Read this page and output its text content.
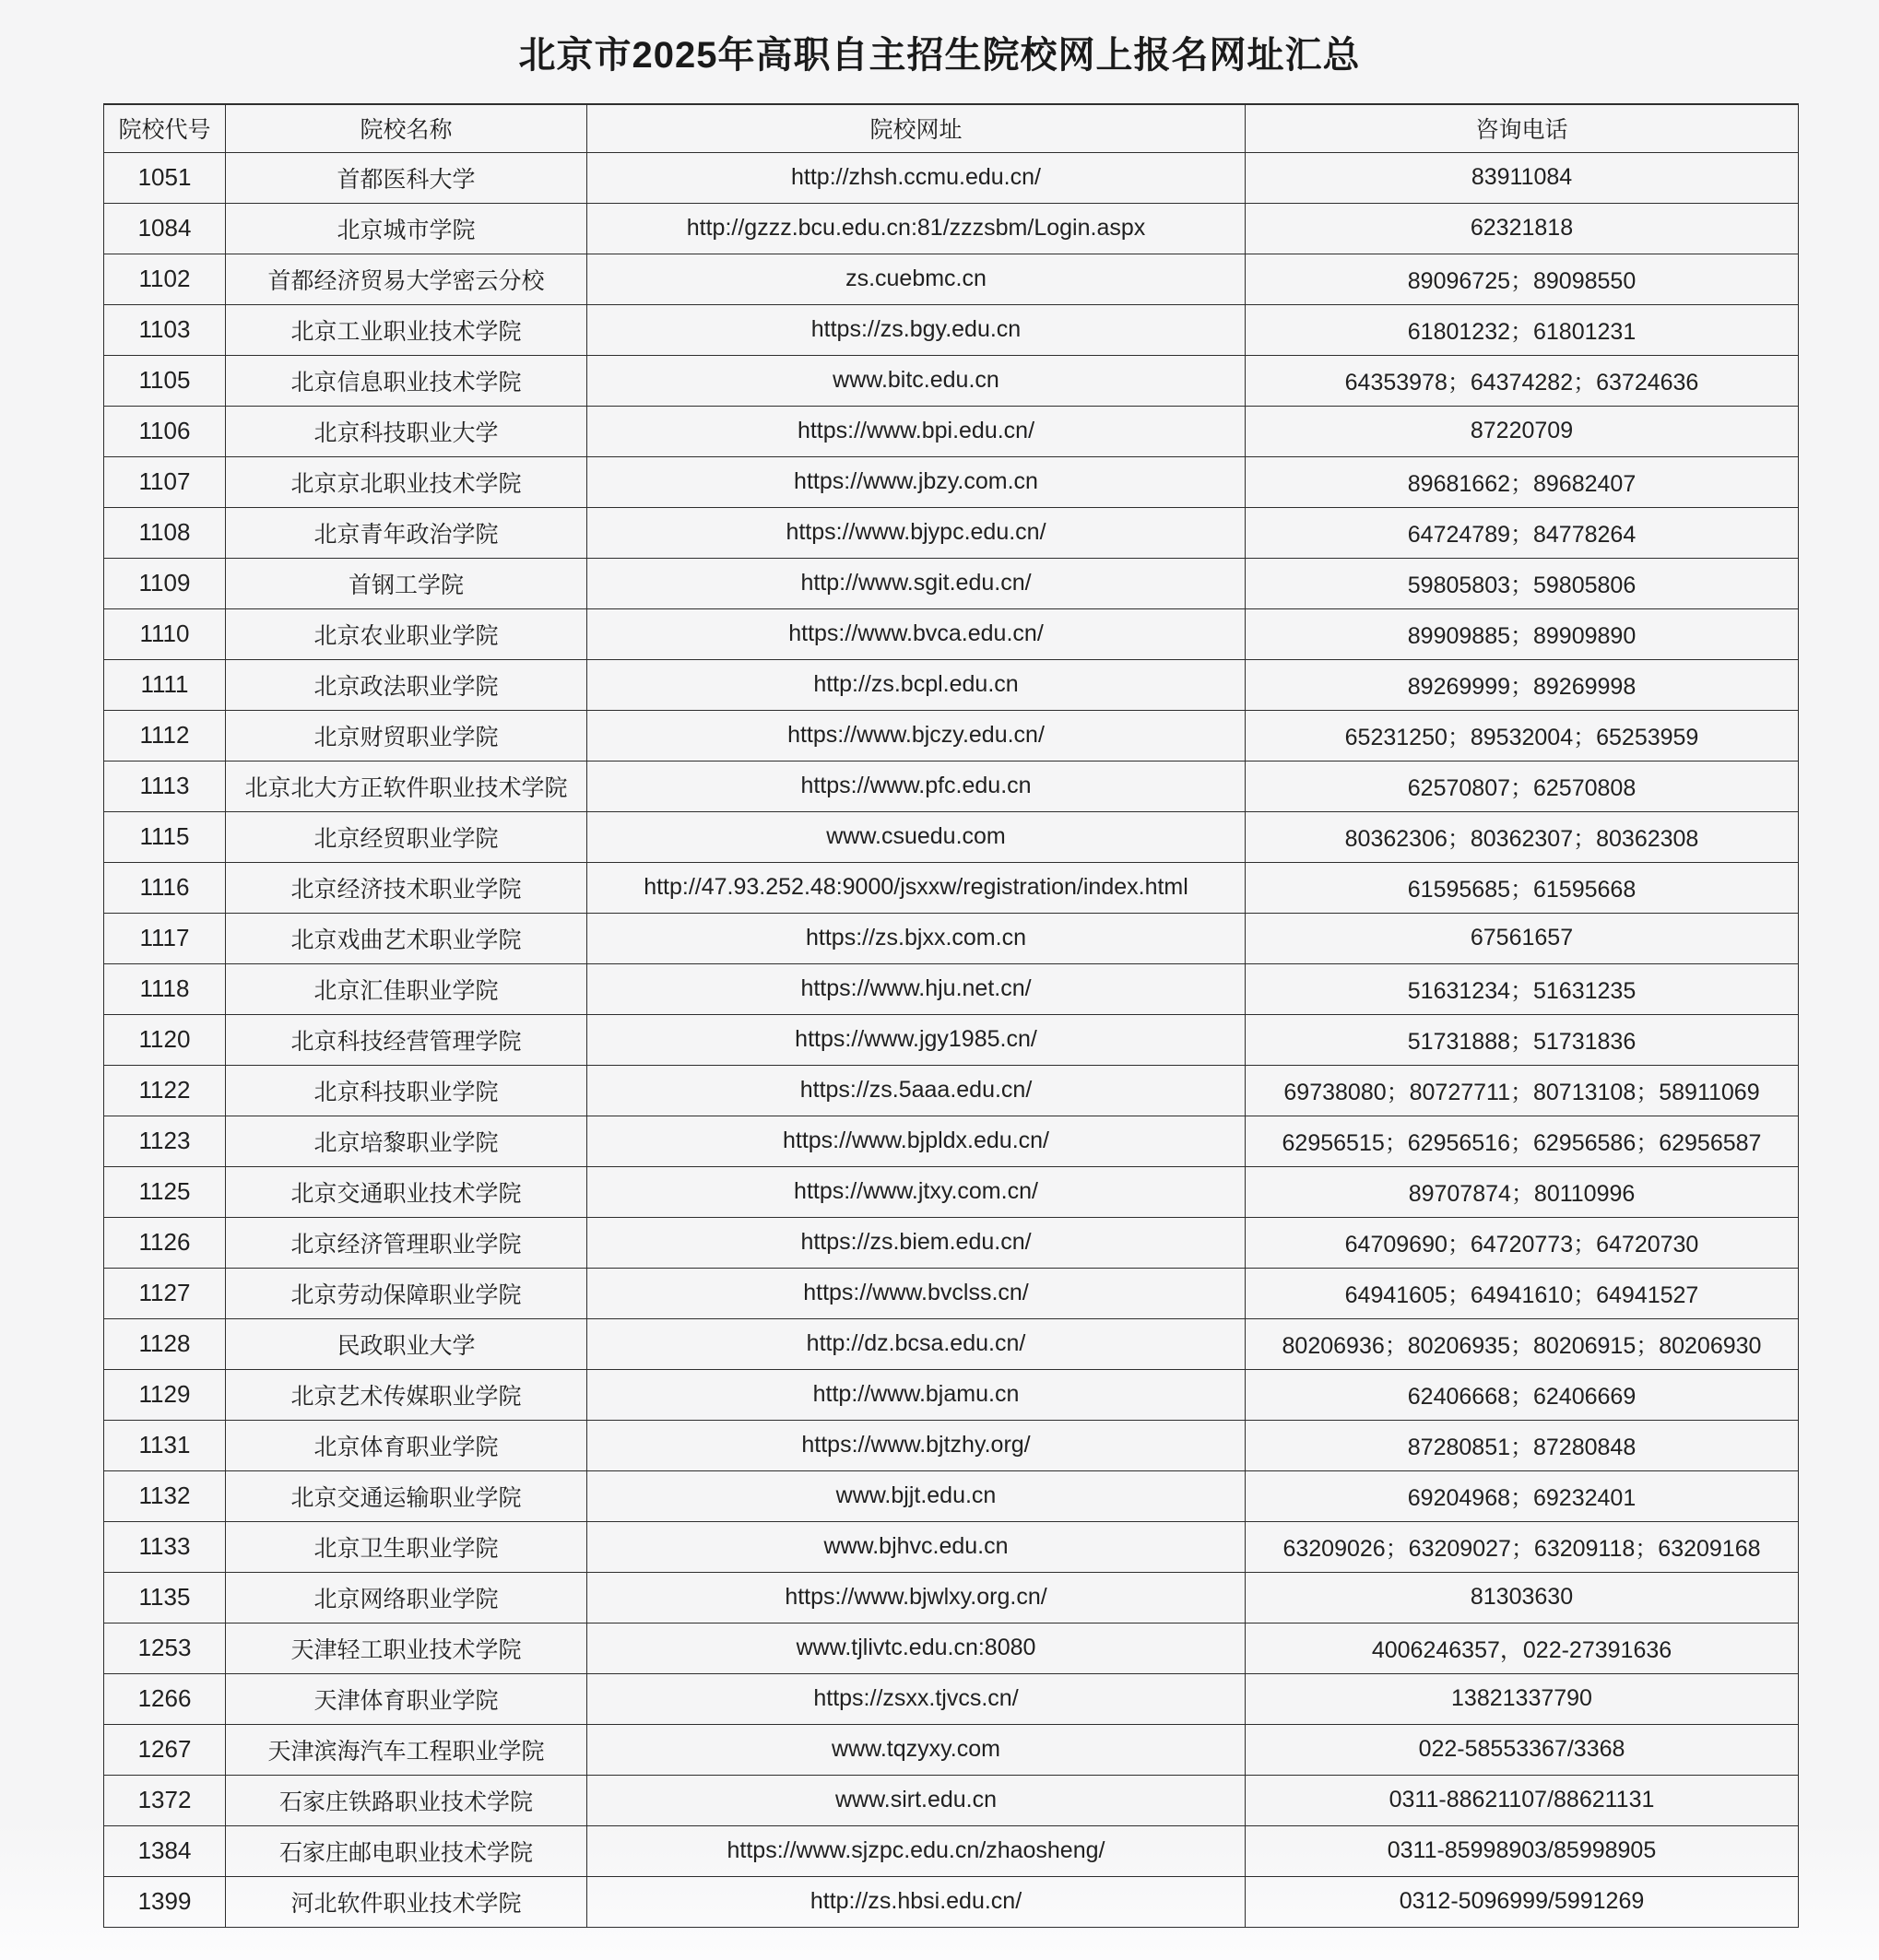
北京市2025年高职自主招生院校网上报名网址汇总
院校代号	院校名称	院校网址	咨询电话
1051	首都医科大学	http://zhsh.ccmu.edu.cn/	83911084
1084	北京城市学院	http://gzzz.bcu.edu.cn:81/zzzsbm/Login.aspx	62321818
1102	首都经济贸易大学密云分校	zs.cuebmc.cn	89096725；89098550
1103	北京工业职业技术学院	https://zs.bgy.edu.cn	61801232；61801231
1105	北京信息职业技术学院	www.bitc.edu.cn	64353978；64374282；63724636
1106	北京科技职业大学	https://www.bpi.edu.cn/	87220709
1107	北京京北职业技术学院	https://www.jbzy.com.cn	89681662；89682407
1108	北京青年政治学院	https://www.bjypc.edu.cn/	64724789；84778264
1109	首钢工学院	http://www.sgit.edu.cn/	59805803；59805806
1110	北京农业职业学院	https://www.bvca.edu.cn/	89909885；89909890
1111	北京政法职业学院	http://zs.bcpl.edu.cn	89269999；89269998
1112	北京财贸职业学院	https://www.bjczy.edu.cn/	65231250；89532004；65253959
1113	北京北大方正软件职业技术学院	https://www.pfc.edu.cn	62570807；62570808
1115	北京经贸职业学院	www.csuedu.com	80362306；80362307；80362308
1116	北京经济技术职业学院	http://47.93.252.48:9000/jsxxw/registration/index.html	61595685；61595668
1117	北京戏曲艺术职业学院	https://zs.bjxx.com.cn	67561657
1118	北京汇佳职业学院	https://www.hju.net.cn/	51631234；51631235
1120	北京科技经营管理学院	https://www.jgy1985.cn/	51731888；51731836
1122	北京科技职业学院	https://zs.5aaa.edu.cn/	69738080；80727711；80713108；58911069
1123	北京培黎职业学院	https://www.bjpldx.edu.cn/	62956515；62956516；62956586；62956587
1125	北京交通职业技术学院	https://www.jtxy.com.cn/	89707874；80110996
1126	北京经济管理职业学院	https://zs.biem.edu.cn/	64709690；64720773；64720730
1127	北京劳动保障职业学院	https://www.bvclss.cn/	64941605；64941610；64941527
1128	民政职业大学	http://dz.bcsa.edu.cn/	80206936；80206935；80206915；80206930
1129	北京艺术传媒职业学院	http://www.bjamu.cn	62406668；62406669
1131	北京体育职业学院	https://www.bjtzhy.org/	87280851；87280848
1132	北京交通运输职业学院	www.bjjt.edu.cn	69204968；69232401
1133	北京卫生职业学院	www.bjhvc.edu.cn	63209026；63209027；63209118；63209168
1135	北京网络职业学院	https://www.bjwlxy.org.cn/	81303630
1253	天津轻工职业技术学院	www.tjlivtc.edu.cn:8080	4006246357，022-27391636
1266	天津体育职业学院	https://zsxx.tjvcs.cn/	13821337790
1267	天津滨海汽车工程职业学院	www.tqzyxy.com	022-58553367/3368
1372	石家庄铁路职业技术学院	www.sirt.edu.cn	0311-88621107/88621131
1384	石家庄邮电职业技术学院	https://www.sjzpc.edu.cn/zhaosheng/	0311-85998903/85998905
1399	河北软件职业技术学院	http://zs.hbsi.edu.cn/	0312-5096999/5991269
